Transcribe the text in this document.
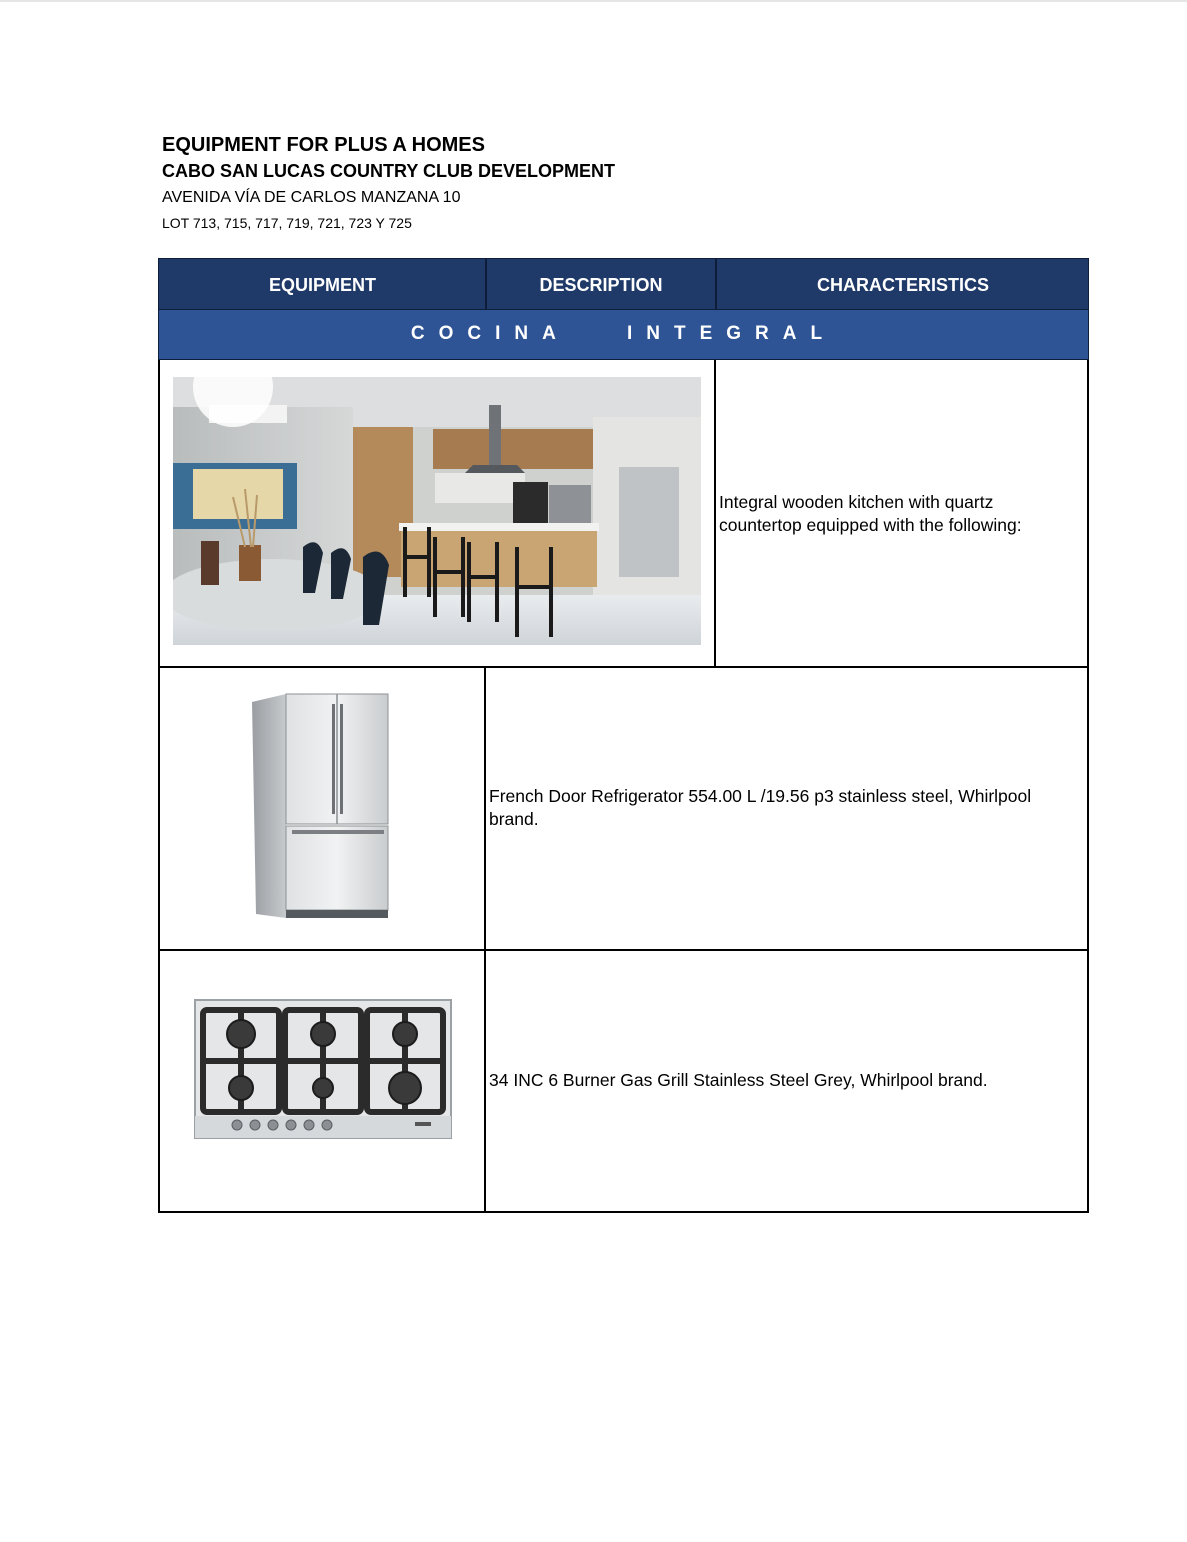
EQUIPMENT FOR PLUS A HOMES
CABO SAN LUCAS COUNTRY CLUB DEVELOPMENT
AVENIDA VÍA DE CARLOS MANZANA 10
LOT 713, 715, 717, 719, 721, 723 Y 725
EQUIPMENT	DESCRIPTION	CHARACTERISTICS
COCINA   INTEGRAL
Integral wooden kitchen with quartz countertop equipped with the following:
French Door Refrigerator 554.00 L /19.56 p3 stainless steel, Whirlpool brand.
34 INC 6 Burner Gas Grill Stainless Steel Grey, Whirlpool brand.
